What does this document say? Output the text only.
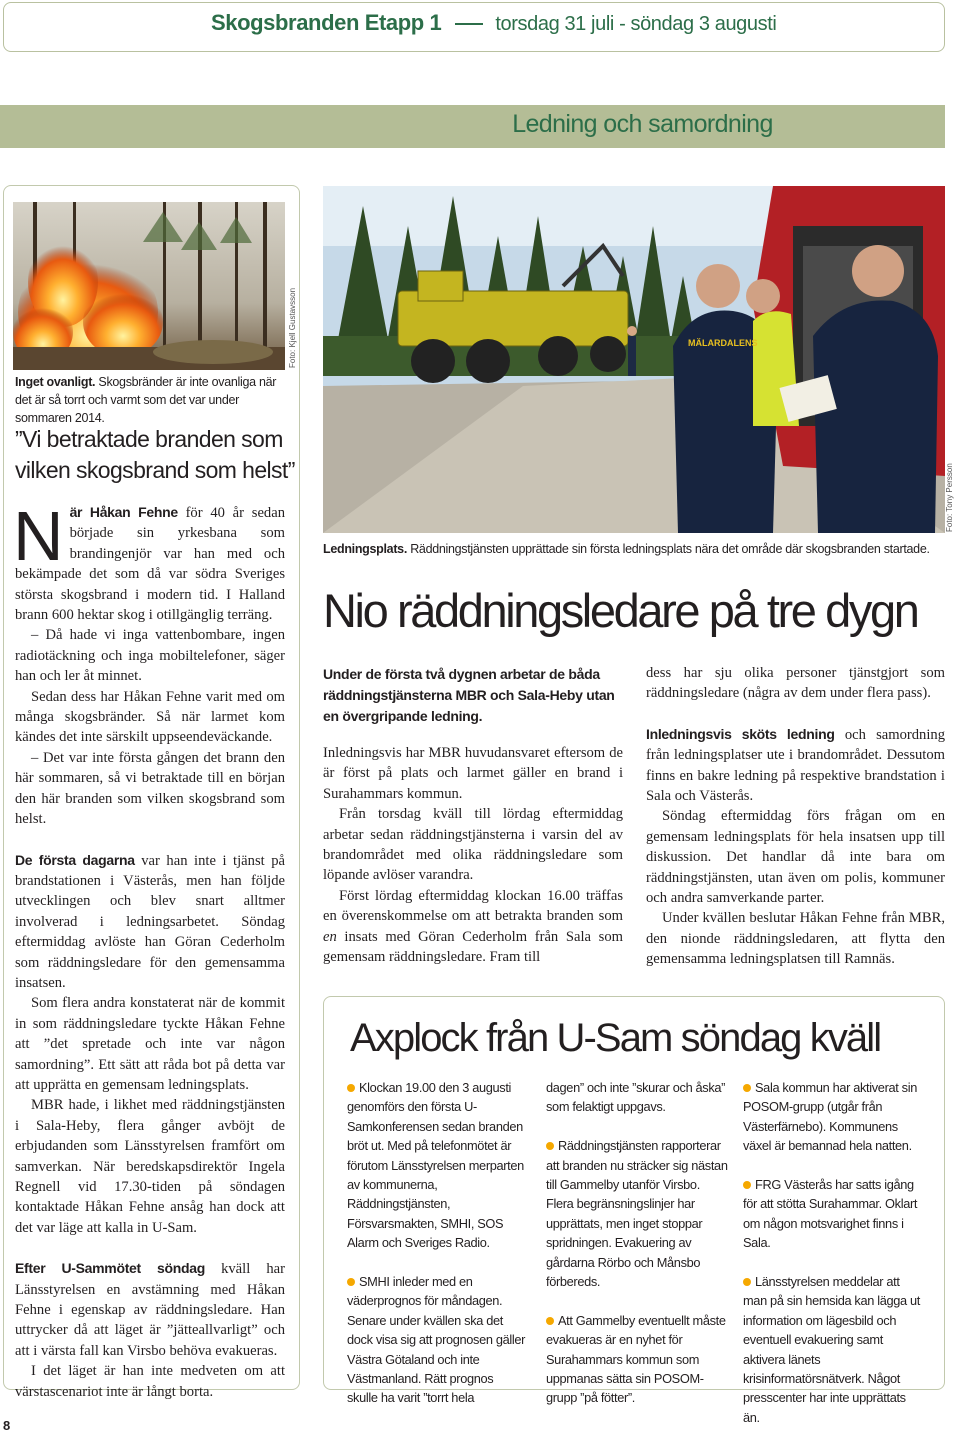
Skogsbranden Etapp 1	torsdag 31 juli - söndag 3 augusti
Ledning och samordning
Foto: Kjell Gustavsson
Inget ovanligt. Skogsbränder är inte ovanliga när det är så torrt och varmt som det var under sommaren 2014.
”Vi betraktade branden som vilken skogsbrand som helst”

När Håkan Fehne för 40 år sedan började sin yrkesbana som brandingenjör var han med och bekämpade det som då var södra Sveriges största skogsbrand i modern tid. I Halland brann 600 hektar skog i otillgänglig terräng.

– Då hade vi inga vattenbombare, ingen radiotäckning och inga mobiltelefoner, säger han och ler åt minnet.

Sedan dess har Håkan Fehne varit med om många skogsbränder. Så när larmet kom kändes det inte särskilt uppseendeväckande.

– Det var inte första gången det brann den här sommaren, så vi betraktade till en början den här branden som vilken skogsbrand som helst.

De första dagarna var han inte i tjänst på brandstationen i Västerås, men han följde utvecklingen och blev snart alltmer involverad i ledningsarbetet. Söndag eftermiddag avlöste han Göran Cederholm som räddningsledare för den gemensamma insatsen.

Som flera andra konstaterat när de kommit in som räddningsledare tyckte Håkan Fehne att ”det spretade och inte var någon samordning”. Ett sätt att råda bot på detta var att upprätta en gemensam ledningsplats.

MBR hade, i likhet med räddningstjänsten i Sala-Heby, flera gånger avböjt de erbjudanden som Länsstyrelsen framfört om samverkan. När beredskapsdirektör Ingela Regnell vid 17.30-tiden på söndagen kontaktade Håkan Fehne ansåg han dock att det var läge att kalla in U-Sam.

Efter U-Sammötet söndag kväll har Länsstyrelsen en avstämning med Håkan Fehne i egenskap av räddningsledare. Han uttrycker då att läget är ”jätteallvarligt” och att i värsta fall kan Virsbo behöva evakueras.

I det läget är han inte medveten om att värstascenariot inte är långt borta.

MÄLARDALENS
Foto: Tony Persson
Ledningsplats. Räddningstjänsten upprättade sin första ledningsplats nära det område där skogsbranden startade.
Nio räddningsledare på tre dygn
Under de första två dygnen arbetar de båda räddningstjänsterna MBR och Sala-Heby utan en övergripande ledning.

Inledningsvis har MBR huvudansvaret eftersom de är först på plats och larmet gäller en brand i Surahammars kommun.

Från torsdag kväll till lördag eftermiddag arbetar sedan räddningstjänsterna i varsin del av brandområdet med olika räddningsledare som löpande avlöser varandra.

Först lördag eftermiddag klockan 16.00 träffas en överenskommelse om att betrakta branden som en insats med Göran Cederholm från Sala som gemensam räddningsledare. Fram till

dess har sju olika personer tjänstgjort som räddningsledare (några av dem under flera pass).

Inledningsvis sköts ledning och samordning från ledningsplatser ute i brandområdet. Dessutom finns en bakre ledning på respektive brandstation i Sala och Västerås.

Söndag eftermiddag förs frågan om en gemensam ledningsplats för hela insatsen upp till diskussion. Det handlar då inte bara om räddningstjänsten, utan även om polis, kommuner och andra samverkande parter.

Under kvällen beslutar Håkan Fehne från MBR, den nionde räddningsledaren, att flytta den gemensamma ledningsplatsen till Ramnäs.

Axplock från U-Sam söndag kväll

Klockan 19.00 den 3 augusti genomförs den första U-Samkonferensen sedan branden bröt ut. Med på telefonmötet är förutom Länsstyrelsen merparten av kommunerna, Räddningstjänsten, Försvarsmakten, SMHI, SOS Alarm och Sveriges Radio.

SMHI inleder med en väderprognos för måndagen. Senare under kvällen ska det dock visa sig att prognosen gäller Västra Götaland och inte Västmanland. Rätt prognos skulle ha varit ”torrt hela

dagen” och inte ”skurar och åska” som felaktigt uppgavs.

Räddningstjänsten rapporterar att branden nu sträcker sig nästan till Gammelby utanför Virsbo. Flera begränsningslinjer har upprättats, men inget stoppar spridningen. Evakuering av gårdarna Rörbo och Månsbo förbereds.

Att Gammelby eventuellt måste evakueras är en nyhet för Surahammars kommun som uppmanas sätta sin POSOM-grupp ”på fötter”.

Sala kommun har aktiverat sin POSOM-grupp (utgår från Västerfärnebo). Kommunens växel är bemannad hela natten.

FRG Västerås har satts igång för att stötta Surahammar. Oklart om någon motsvarighet finns i Sala.

Länsstyrelsen meddelar att man på sin hemsida kan lägga ut information om lägesbild och eventuell evakuering samt aktivera länets krisinformatörsnätverk. Något presscenter har inte upprättats än.

8
